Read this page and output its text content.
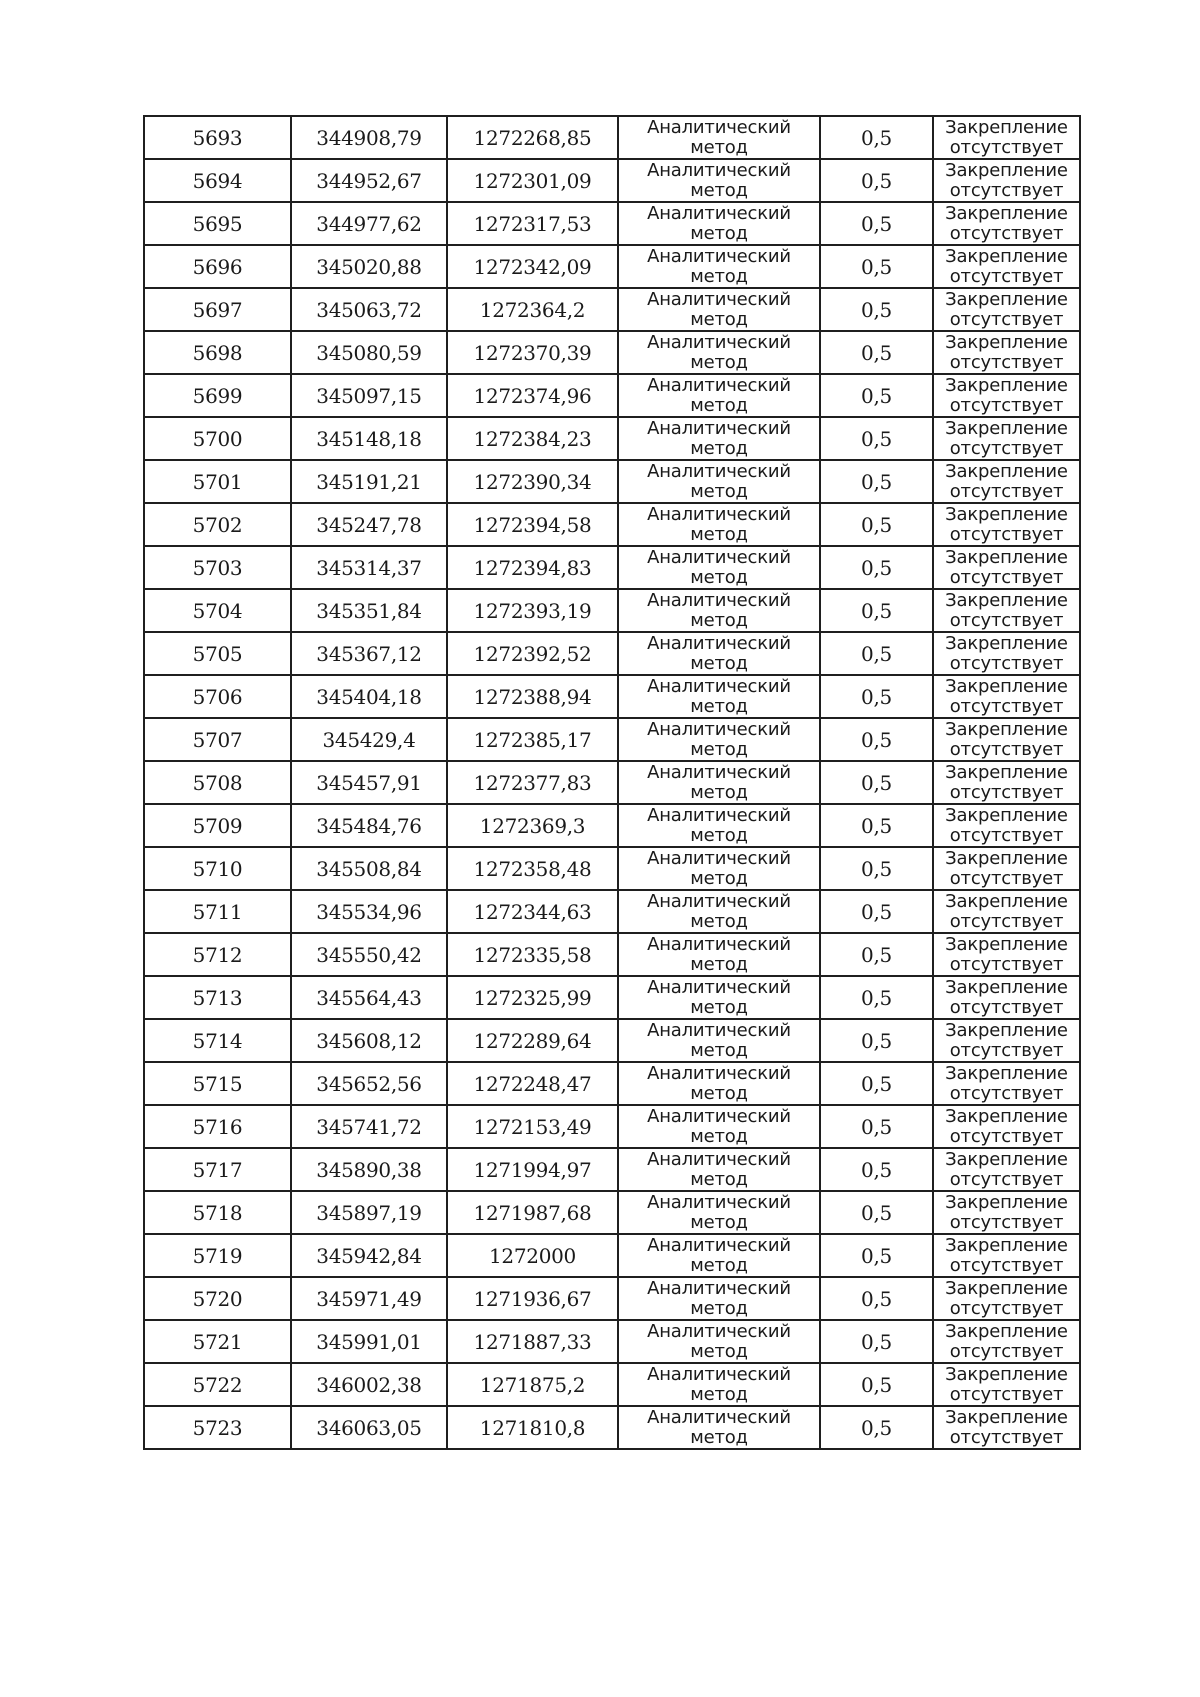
5693	344908,79	1272268,85	Аналитический
метод	0,5	Закрепление
отсутствует

5694	344952,67	1272301,09	Аналитический
метод	0,5	Закрепление
отсутствует

5695	344977,62	1272317,53	Аналитический
метод	0,5	Закрепление
отсутствует

5696	345020,88	1272342,09	Аналитический
метод	0,5	Закрепление
отсутствует

5697	345063,72	1272364,2	Аналитический
метод	0,5	Закрепление
отсутствует

5698	345080,59	1272370,39	Аналитический
метод	0,5	Закрепление
отсутствует

5699	345097,15	1272374,96	Аналитический
метод	0,5	Закрепление
отсутствует

5700	345148,18	1272384,23	Аналитический
метод	0,5	Закрепление
отсутствует

5701	345191,21	1272390,34	Аналитический
метод	0,5	Закрепление
отсутствует

5702	345247,78	1272394,58	Аналитический
метод	0,5	Закрепление
отсутствует

5703	345314,37	1272394,83	Аналитический
метод	0,5	Закрепление
отсутствует

5704	345351,84	1272393,19	Аналитический
метод	0,5	Закрепление
отсутствует

5705	345367,12	1272392,52	Аналитический
метод	0,5	Закрепление
отсутствует

5706	345404,18	1272388,94	Аналитический
метод	0,5	Закрепление
отсутствует

5707	345429,4	1272385,17	Аналитический
метод	0,5	Закрепление
отсутствует

5708	345457,91	1272377,83	Аналитический
метод	0,5	Закрепление
отсутствует

5709	345484,76	1272369,3	Аналитический
метод	0,5	Закрепление
отсутствует

5710	345508,84	1272358,48	Аналитический
метод	0,5	Закрепление
отсутствует

5711	345534,96	1272344,63	Аналитический
метод	0,5	Закрепление
отсутствует

5712	345550,42	1272335,58	Аналитический
метод	0,5	Закрепление
отсутствует

5713	345564,43	1272325,99	Аналитический
метод	0,5	Закрепление
отсутствует

5714	345608,12	1272289,64	Аналитический
метод	0,5	Закрепление
отсутствует

5715	345652,56	1272248,47	Аналитический
метод	0,5	Закрепление
отсутствует

5716	345741,72	1272153,49	Аналитический
метод	0,5	Закрепление
отсутствует

5717	345890,38	1271994,97	Аналитический
метод	0,5	Закрепление
отсутствует

5718	345897,19	1271987,68	Аналитический
метод	0,5	Закрепление
отсутствует

5719	345942,84	1272000	Аналитический
метод	0,5	Закрепление
отсутствует

5720	345971,49	1271936,67	Аналитический
метод	0,5	Закрепление
отсутствует

5721	345991,01	1271887,33	Аналитический
метод	0,5	Закрепление
отсутствует

5722	346002,38	1271875,2	Аналитический
метод	0,5	Закрепление
отсутствует

5723	346063,05	1271810,8	Аналитический
метод	0,5	Закрепление
отсутствует
